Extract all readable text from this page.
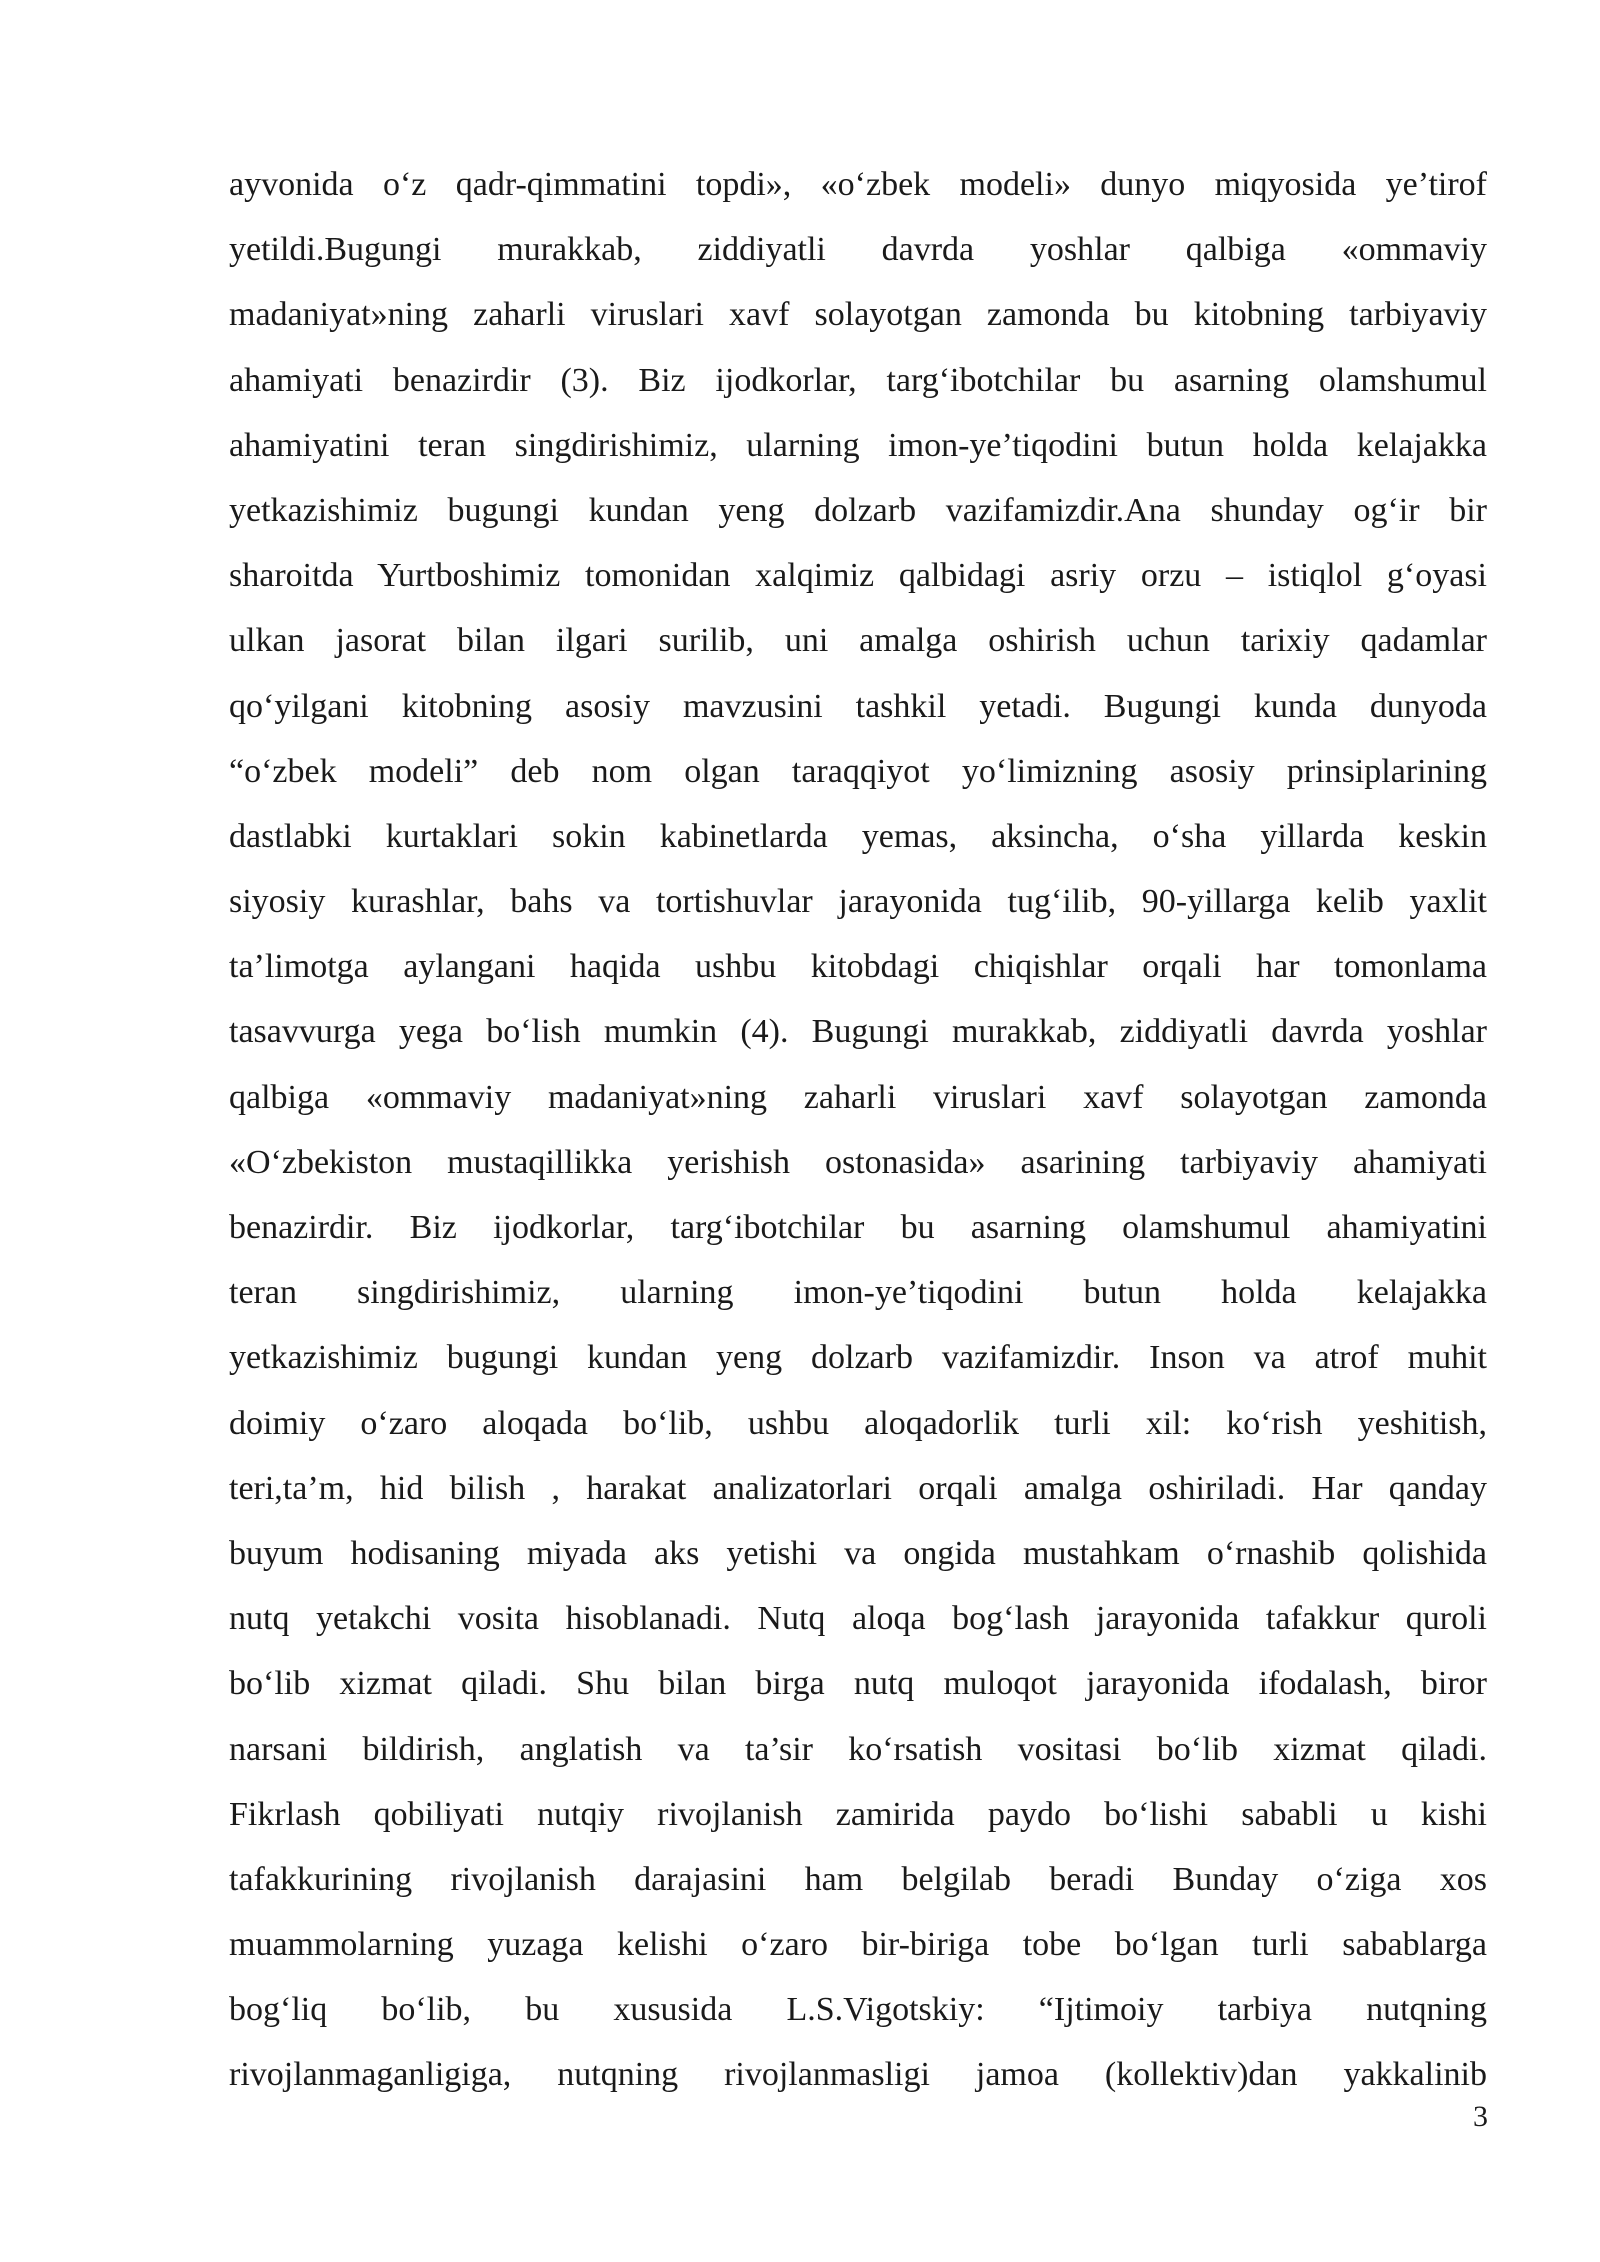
ayvonida o‘z qadr-qimmatini topdi», «o‘zbek modeli» dunyo miqyosida ye’tirof
yetildi.Bugungi murakkab, ziddiyatli davrda yoshlar qalbiga «ommaviy
madaniyat»ning zaharli viruslari xavf solayotgan zamonda bu kitobning tarbiyaviy
ahamiyati benazirdir (3). Biz ijodkorlar, targ‘ibotchilar bu asarning olamshumul
ahamiyatini teran singdirishimiz, ularning imon-ye’tiqodini butun holda kelajakka
yetkazishimiz bugungi kundan yeng dolzarb vazifamizdir.Ana shunday og‘ir bir
sharoitda Yurtboshimiz tomonidan xalqimiz qalbidagi asriy orzu – istiqlol g‘oyasi
ulkan jasorat bilan ilgari surilib, uni amalga oshirish uchun tarixiy qadamlar
qo‘yilgani kitobning asosiy mavzusini tashkil yetadi. Bugungi kunda dunyoda
“o‘zbek modeli” deb nom olgan taraqqiyot yo‘limizning asosiy prinsiplarining
dastlabki kurtaklari sokin kabinetlarda yemas, aksincha, o‘sha yillarda keskin
siyosiy kurashlar, bahs va tortishuvlar jarayonida tug‘ilib, 90-yillarga kelib yaxlit
ta’limotga aylangani haqida ushbu kitobdagi chiqishlar orqali har tomonlama
tasavvurga yega bo‘lish mumkin (4). Bugungi murakkab, ziddiyatli davrda yoshlar
qalbiga «ommaviy madaniyat»ning zaharli viruslari xavf solayotgan zamonda
«O‘zbekiston mustaqillikka yerishish ostonasida» asarining tarbiyaviy ahamiyati
benazirdir. Biz ijodkorlar, targ‘ibotchilar bu asarning olamshumul ahamiyatini
teran singdirishimiz, ularning imon-ye’tiqodini butun holda kelajakka
yetkazishimiz bugungi kundan yeng dolzarb vazifamizdir. Inson va atrof muhit
doimiy o‘zaro aloqada bo‘lib, ushbu aloqadorlik turli xil: ko‘rish yeshitish,
teri,ta’m, hid bilish , harakat analizatorlari orqali amalga oshiriladi. Har qanday
buyum hodisaning miyada aks yetishi va ongida mustahkam o‘rnashib qolishida
nutq yetakchi vosita hisoblanadi. Nutq aloqa bog‘lash jarayonida tafakkur quroli
bo‘lib xizmat qiladi. Shu bilan birga nutq muloqot jarayonida ifodalash, biror
narsani bildirish, anglatish va ta’sir ko‘rsatish vositasi bo‘lib xizmat qiladi.
Fikrlash qobiliyati nutqiy rivojlanish zamirida paydo bo‘lishi sababli u kishi
tafakkurining rivojlanish darajasini ham belgilab beradi Bunday o‘ziga xos
muammolarning yuzaga kelishi o‘zaro bir-biriga tobe bo‘lgan turli sabablarga
bog‘liq bo‘lib, bu xususida L.S.Vigotskiy: “Ijtimoiy tarbiya nutqning
rivojlanmaganligiga, nutqning rivojlanmasligi jamoa (kollektiv)dan yakkalinib
3
